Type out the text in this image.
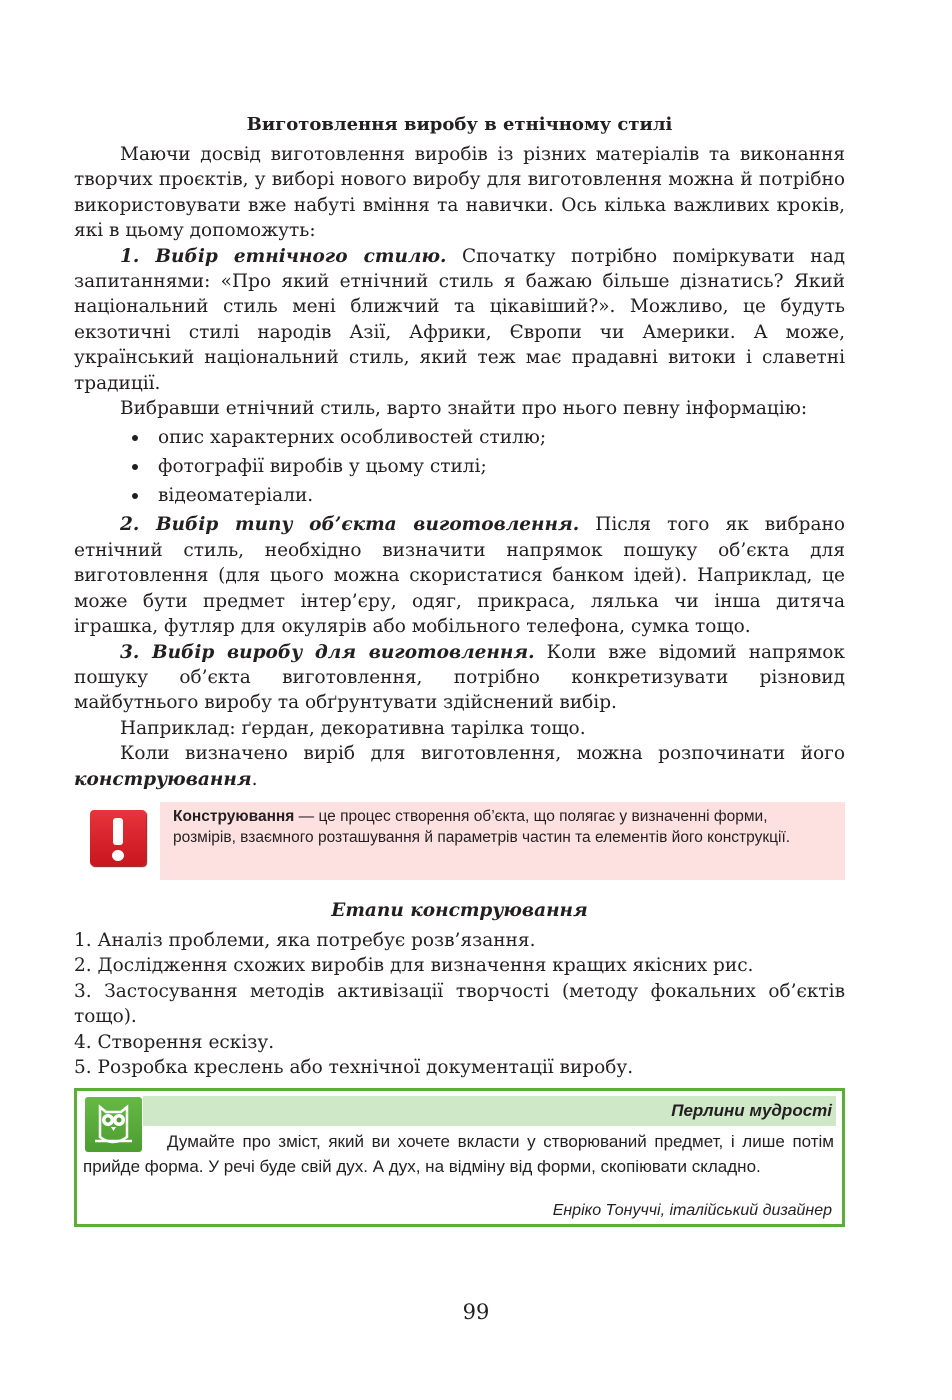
Виготовлення виробу в етнічному стилі

Маючи досвід виготовлення виробів із різних матеріалів та виконання творчих проєктів, у виборі нового виробу для виготовлення можна й потрібно використовувати вже набуті вміння та навички. Ось кілька важливих кроків, які в цьому допоможуть:

1. Вибір етнічного стилю. Спочатку потрібно поміркувати над запитаннями: «Про який етнічний стиль я бажаю більше дізнатись? Який національний стиль мені ближчий та цікавіший?». Можливо, це будуть екзотичні стилі народів Азії, Африки, Європи чи Америки. А може, український національний стиль, який теж має прадавні витоки і славетні традиції.

Вибравши етнічний стиль, варто знайти про нього певну інформацію:

опис характерних особливостей стилю;
фотографії виробів у цьому стилі;
відеоматеріали.

2. Вибір типу об’єкта виготовлення. Після того як вибрано етнічний стиль, необхідно визначити напрямок пошуку об’єкта для виготовлення (для цього можна скористатися банком ідей). Наприклад, це може бути предмет інтер’єру, одяг, прикраса, лялька чи інша дитяча іграшка, футляр для окулярів або мобільного телефона, сумка тощо.

3. Вибір виробу для виготовлення. Коли вже відомий напрямок пошуку об’єкта виготовлення, потрібно конкретизувати різновид майбутнього виробу та обґрунтувати здійснений вибір.

Наприклад: ґердан, декоративна тарілка тощо.

Коли визначено виріб для виготовлення, можна розпочинати його конструювання.

Конструювання — це процес створення об’єкта, що полягає у визначенні форми, розмірів, взаємного розташування й параметрів частин та елементів його конструкції.
Етапи конструювання

1. Аналіз проблеми, яка потребує розв’язання.

2. Дослідження схожих виробів для визначення кращих якісних рис.

3. Застосування методів активізації творчості (методу фокальних об’єктів тощо).

4. Створення ескізу.

5. Розробка креслень або технічної документації виробу.

Перлини мудрості
Думайте про зміст, який ви хочете вкласти у створюваний предмет, і лише потім прийде форма. У речі буде свій дух. А дух, на відміну від форми, скопіювати складно.
Енріко Тонуччі, італійський дизайнер
99
